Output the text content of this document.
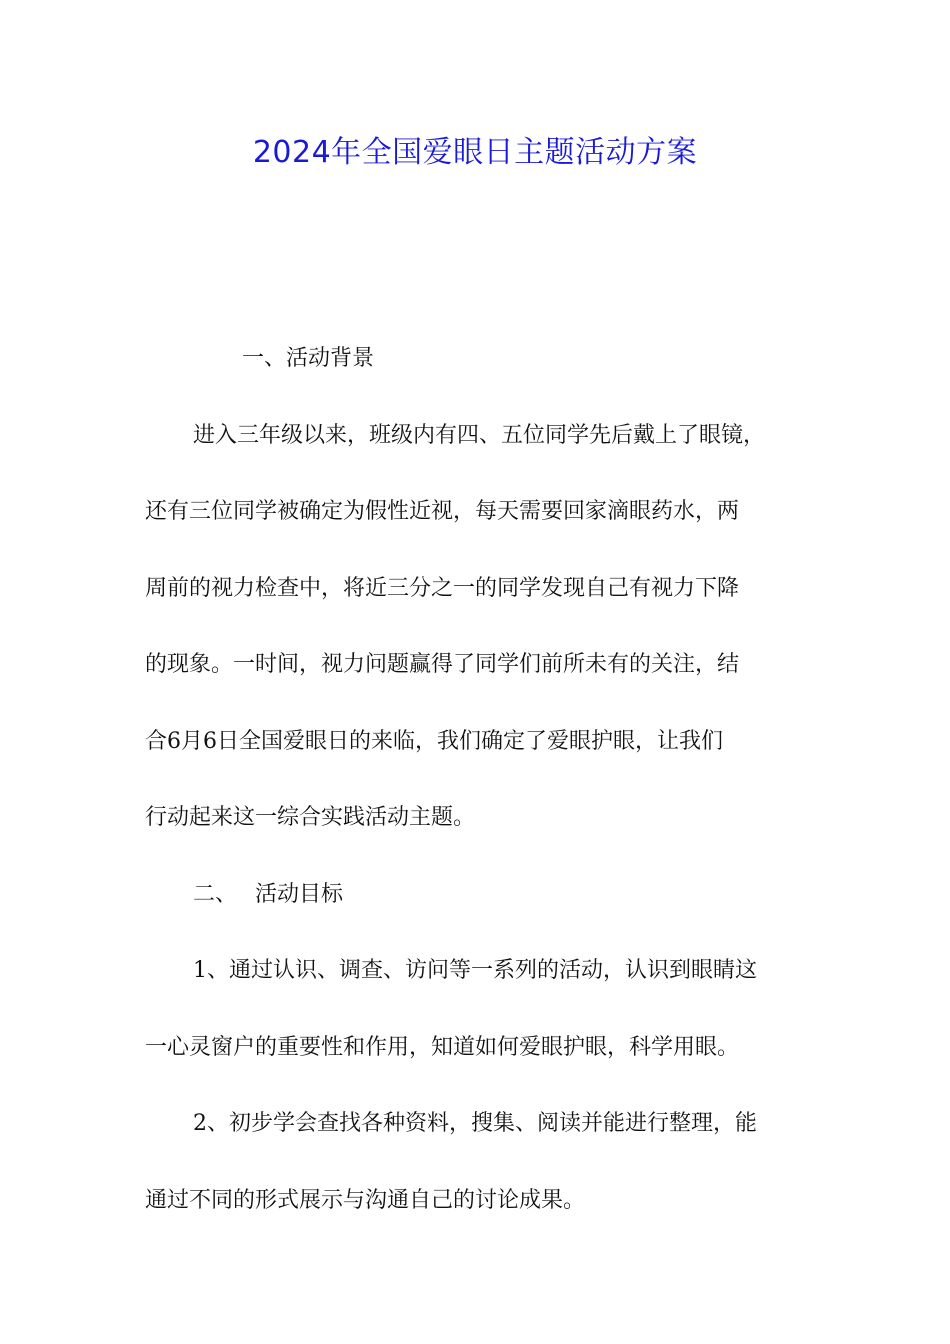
2024年全国爱眼日主题活动方案
一、活动背景
进入三年级以来，班级内有四、五位同学先后戴上了眼镜，
还有三位同学被确定为假性近视，每天需要回家滴眼药水，两
周前的视力检查中，将近三分之一的同学发现自己有视力下降
的现象。一时间，视力问题赢得了同学们前所未有的关注，结
合6月6日全国爱眼日的来临，我们确定了爱眼护眼，让我们
行动起来这一综合实践活动主题。
二、 活动目标
1、通过认识、调查、访问等一系列的活动，认识到眼睛这
一心灵窗户的重要性和作用，知道如何爱眼护眼，科学用眼。
2、初步学会查找各种资料，搜集、阅读并能进行整理，能
通过不同的形式展示与沟通自己的讨论成果。
